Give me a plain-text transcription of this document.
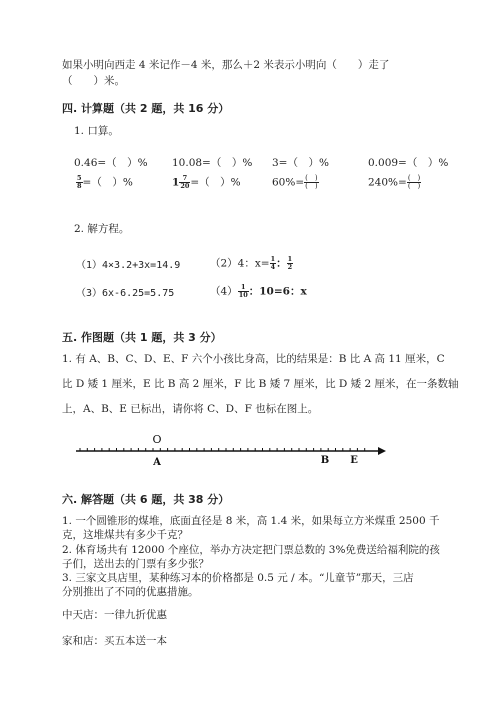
如果小明向西走 4 米记作－4 米，那么＋2 米表示小明向（　　）走了
（　　）米。
四. 计算题（共 2 题，共 16 分）
1. 口算。
0.46=（　）% 10.08=（　）% 3=（　）%	0.009=（　）%
$\frac{5}{8}$ =（　）%	$1 \frac{7}{20}$ =（　）%	$60\%= \frac{( )}{( )}$	$240\%= \frac{( )}{( )}$
2. 解方程。
（1）4×3.2+3x=14.9	（2）4：$x= \frac{1}{4}$ ： $\frac{1}{2}$
（3）6x-6.25=5.75	$(4) \frac{1}{10}$ ：10=6：x
五. 作图题（共 1 题，共 3 分）
1. 有 A、B、C、D、E、F 六个小孩比身高，比的结果是：B 比 A 高 11 厘米，C
比 D 矮 1 厘米，E 比 B 高 2 厘米，F 比 B 矮 7 厘米，比 D 矮 2 厘米，在一条数轴
上，A、B、E 已标出，请你将 C、D、F 也标在图上。
O
A	B E
六. 解答题（共 6 题，共 38 分）
1. 一个圆锥形的煤堆，底面直径是 8 米，高 1.4 米，如果每立方米煤重 2500 千
克，这堆煤共有多少千克？
2. 体育场共有 12000 个座位，举办方决定把门票总数的 3%免费送给福利院的孩
子们，送出去的门票有多少张？
3. 三家文具店里，某种练习本的价格都是 0.5 元 / 本。“儿童节”那天，三店
分别推出了不同的优惠措施。
中天店：一律九折优惠
家和店：买五本送一本
